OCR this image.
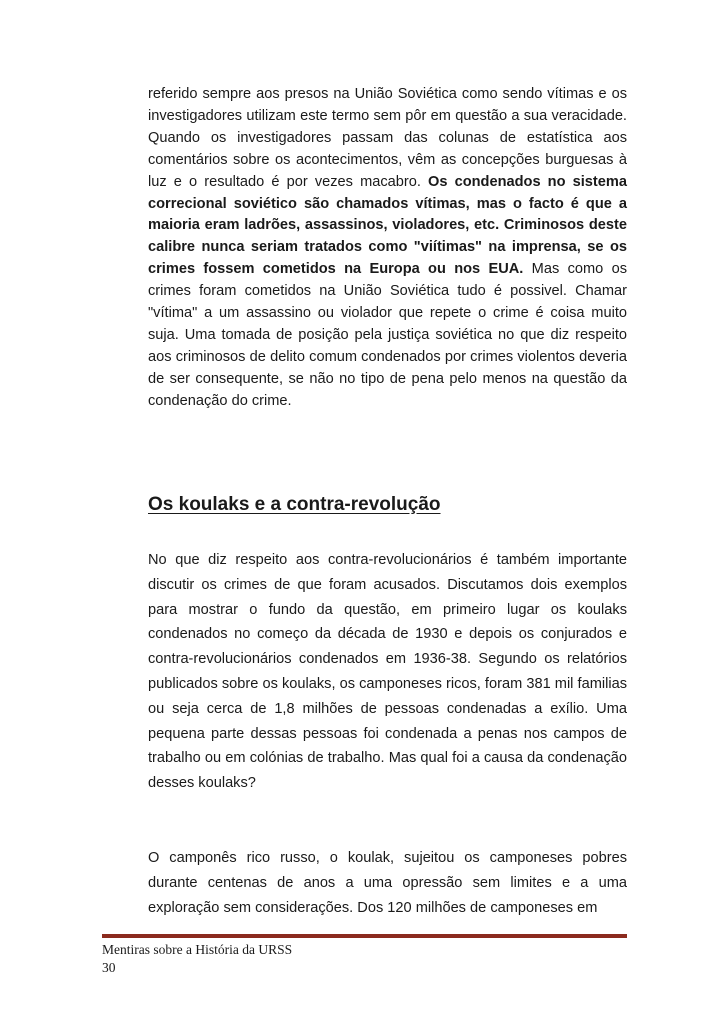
referido sempre aos presos na União Soviética como sendo vítimas e os investigadores utilizam este termo sem pôr em questão a sua veracidade. Quando os investigadores passam das colunas de estatística aos comentários sobre os acontecimentos, vêm as concepções burguesas à luz e o resultado é por vezes macabro. Os condenados no sistema correcional soviético são chamados vítimas, mas o facto é que a maioria eram ladrões, assassinos, violadores, etc. Criminosos deste calibre nunca seriam tratados como "viítimas" na imprensa, se os crimes fossem cometidos na Europa ou nos EUA. Mas como os crimes foram cometidos na União Soviética tudo é possivel. Chamar "vítima" a um assassino ou violador que repete o crime é coisa muito suja. Uma tomada de posição pela justiça soviética no que diz respeito aos criminosos de delito comum condenados por crimes violentos deveria de ser consequente, se não no tipo de pena pelo menos na questão da condenação do crime.

Os koulaks e a contra-revolução

No que diz respeito aos contra-revolucionários é também importante discutir os crimes de que foram acusados. Discutamos dois exemplos para mostrar o fundo da questão, em primeiro lugar os koulaks condenados no começo da década de 1930 e depois os conjurados e contra-revolucionários condenados em 1936-38. Segundo os relatórios publicados sobre os koulaks, os camponeses ricos, foram 381 mil familias ou seja cerca de 1,8 milhões de pessoas condenadas a exílio. Uma pequena parte dessas pessoas foi condenada a penas nos campos de trabalho ou em colónias de trabalho. Mas qual foi a causa da condenação desses koulaks?

O camponês rico russo, o koulak, sujeitou os camponeses pobres durante centenas de anos a uma opressão sem limites e a uma exploração sem considerações. Dos 120 milhões de camponeses em

Mentiras sobre a História da URSS
30
